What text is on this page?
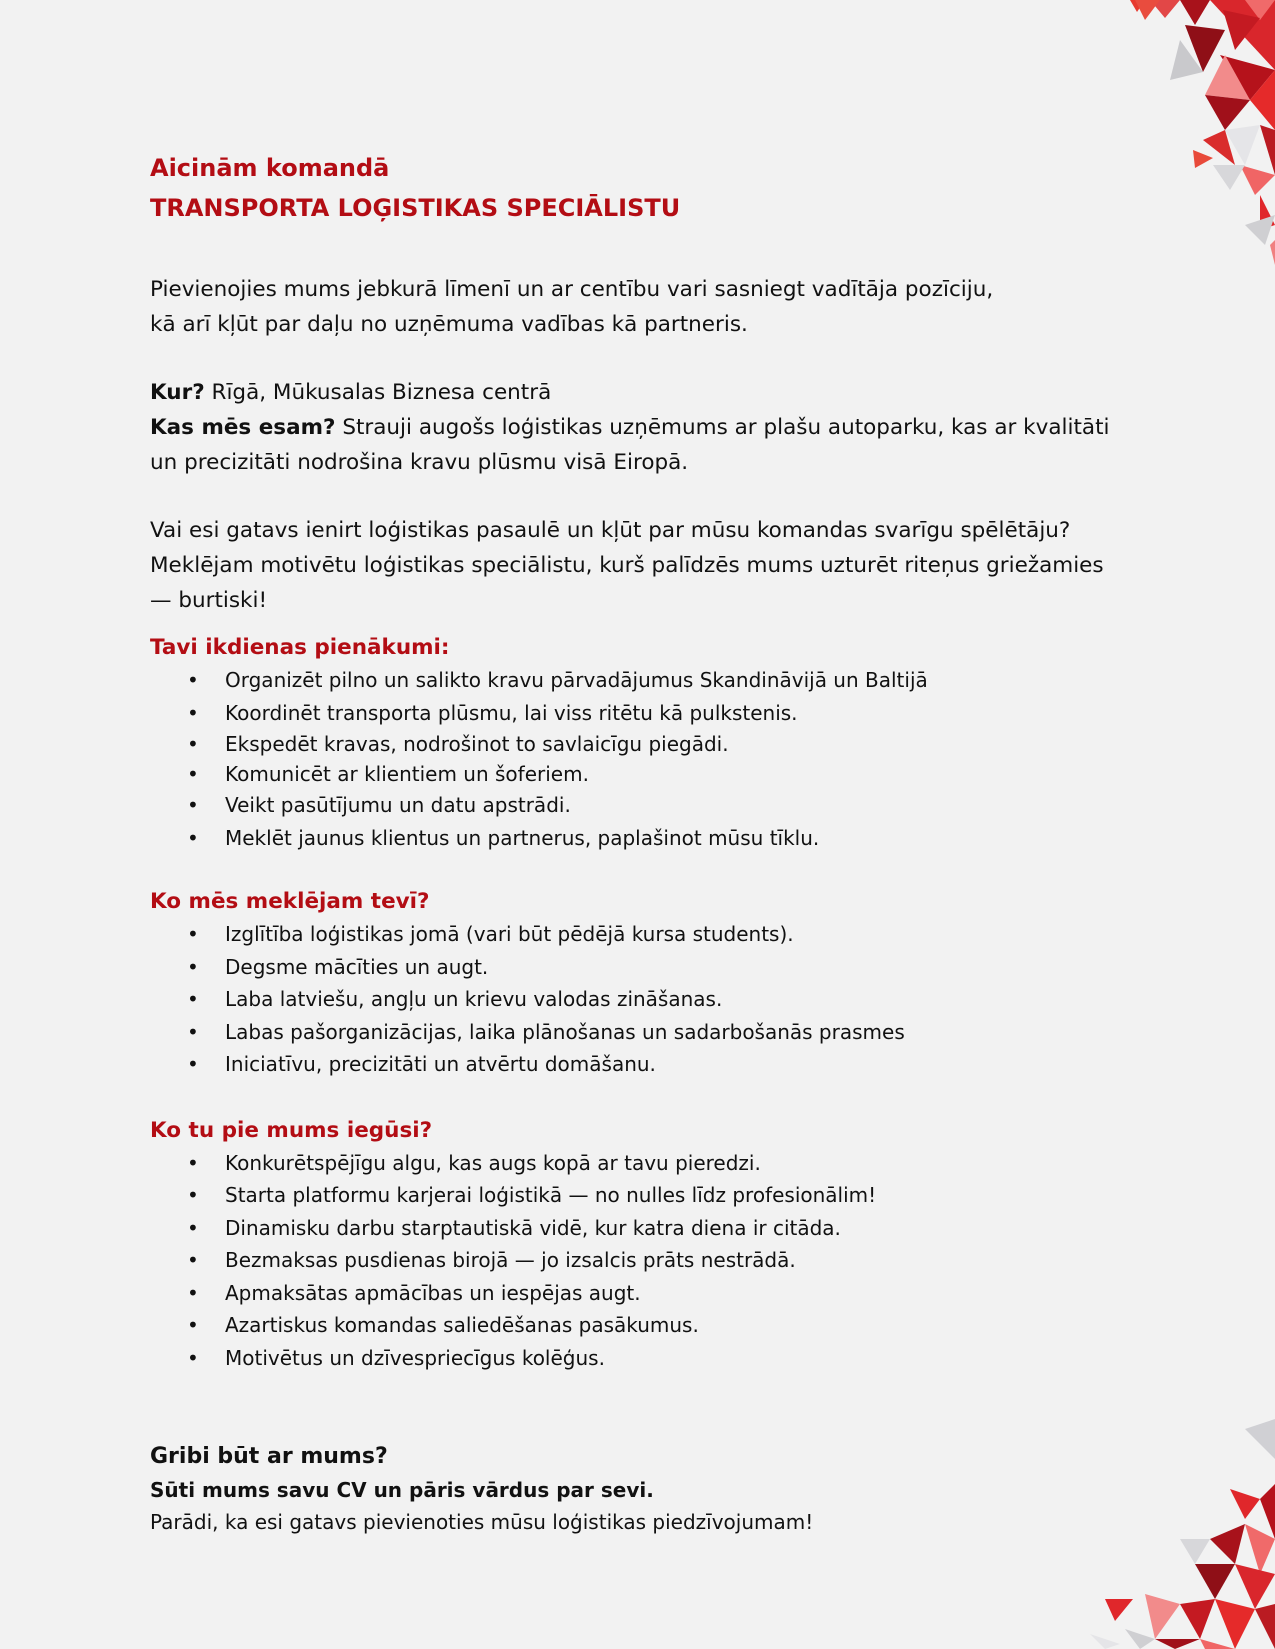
Aicinām komandā
TRANSPORTA LOĢISTIKAS SPECIĀLISTU

Pievienojies mums jebkurā līmenī un ar centību vari sasniegt vadītāja pozīciju,
kā arī kļūt par daļu no uzņēmuma vadības kā partneris.

Kur? Rīgā, Mūkusalas Biznesa centrā

Kas mēs esam? Strauji augošs loģistikas uzņēmums ar plašu autoparku, kas ar kvalitāti un precizitāti nodrošina kravu plūsmu visā Eiropā.

Vai esi gatavs ienirt loģistikas pasaulē un kļūt par mūsu komandas svarīgu spēlētāju?
Meklējam motivētu loģistikas speciālistu, kurš palīdzēs mums uzturēt riteņus griežamies — burtiski!

Tavi ikdienas pienākumi:
• Organizēt pilno un salikto kravu pārvadājumus Skandināvijā un Baltijā
• Koordinēt transporta plūsmu, lai viss ritētu kā pulkstenis.
• Ekspedēt kravas, nodrošinot to savlaicīgu piegādi.
• Komunicēt ar klientiem un šoferiem.
• Veikt pasūtījumu un datu apstrādi.
• Meklēt jaunus klientus un partnerus, paplašinot mūsu tīklu.
Ko mēs meklējam tevī?
• Izglītība loģistikas jomā (vari būt pēdējā kursa students).
• Degsme mācīties un augt.
• Laba latviešu, angļu un krievu valodas zināšanas.
• Labas pašorganizācijas, laika plānošanas un sadarbošanās prasmes
• Iniciatīvu, precizitāti un atvērtu domāšanu.
Ko tu pie mums iegūsi?
• Konkurētspējīgu algu, kas augs kopā ar tavu pieredzi.
• Starta platformu karjerai loģistikā — no nulles līdz profesionālim!
• Dinamisku darbu starptautiskā vidē, kur katra diena ir citāda.
• Bezmaksas pusdienas birojā — jo izsalcis prāts nestrādā.
• Apmaksātas apmācības un iespējas augt.
• Azartiskus komandas saliedēšanas pasākumus.
• Motivētus un dzīvespriecīgus kolēģus.
Gribi būt ar mums?
Sūti mums savu CV un pāris vārdus par sevi.
Parādi, ka esi gatavs pievienoties mūsu loģistikas piedzīvojumam!
